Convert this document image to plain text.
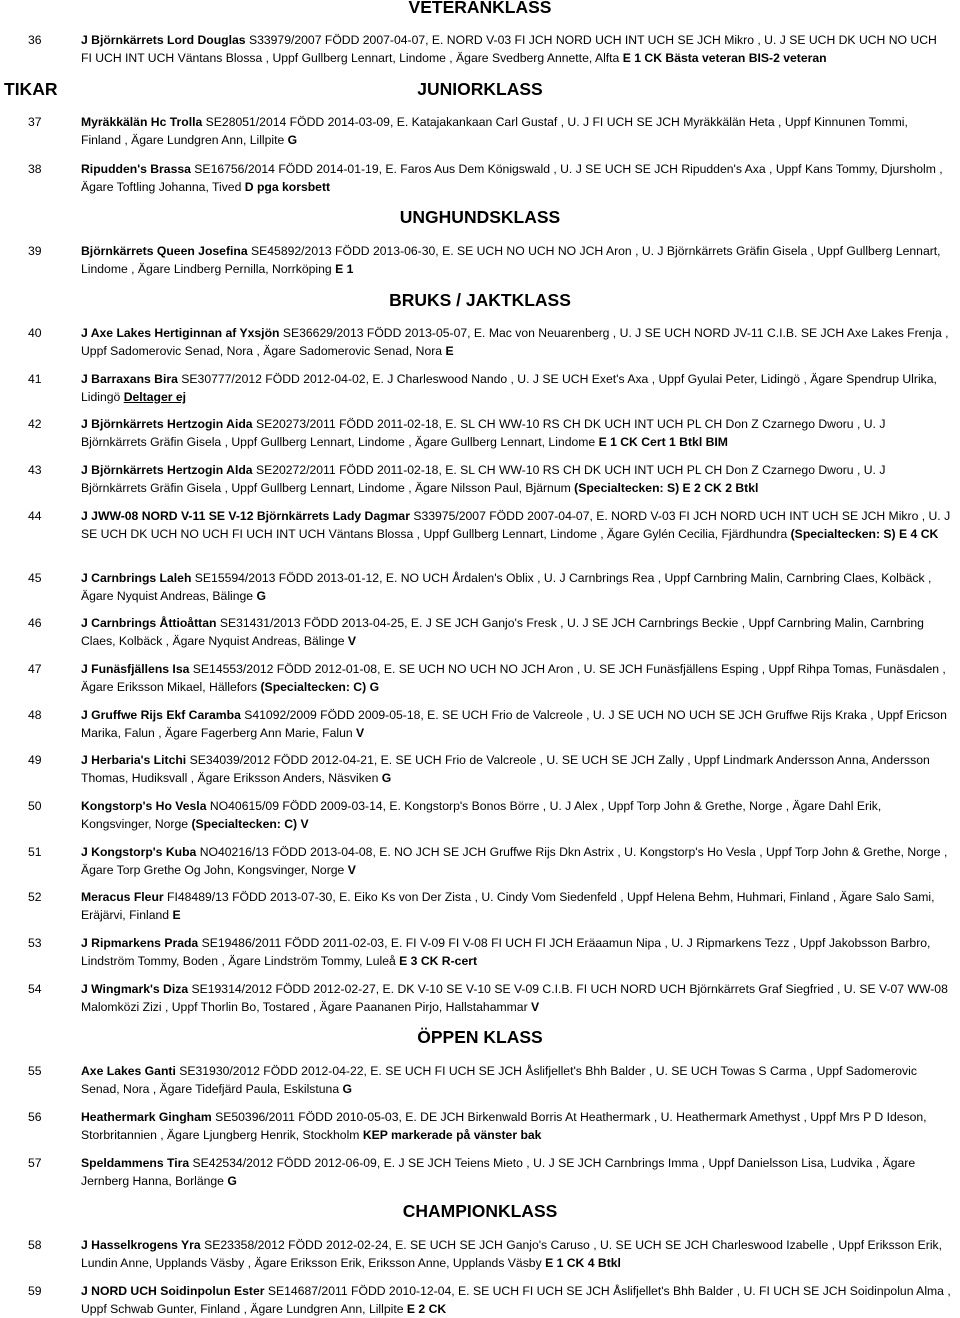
VETERANKLASS
36	J Björnkärrets Lord Douglas S33979/2007 FÖDD 2007-04-07, E. NORD V-03 FI JCH NORD UCH INT UCH SE JCH Mikro , U. J SE UCH DK UCH NO UCH FI UCH INT UCH Väntans Blossa , Uppf Gullberg Lennart, Lindome , Ägare Svedberg Annette, Alfta E 1 CK Bästa veteran BIS-2 veteran
TIKAR	JUNIORKLASS
37	Myräkkälän Hc Trolla SE28051/2014 FÖDD 2014-03-09, E. Katajakankaan Carl Gustaf , U. J FI UCH SE JCH Myräkkälän Heta , Uppf Kinnunen Tommi, Finland , Ägare Lundgren Ann, Lillpite G
38	Ripudden's Brassa SE16756/2014 FÖDD 2014-01-19, E. Faros Aus Dem Königswald , U. J SE UCH SE JCH Ripudden's Axa , Uppf Kans Tommy, Djursholm , Ägare Toftling Johanna, Tived D pga korsbett
UNGHUNDSKLASS
39	Björnkärrets Queen Josefina SE45892/2013 FÖDD 2013-06-30, E. SE UCH NO UCH NO JCH Aron , U. J Björnkärrets Gräfin Gisela , Uppf Gullberg Lennart, Lindome , Ägare Lindberg Pernilla, Norrköping E 1
BRUKS / JAKTKLASS
40	J Axe Lakes Hertiginnan af Yxsjön SE36629/2013 FÖDD 2013-05-07, E. Mac von Neuarenberg , U. J SE UCH NORD JV-11 C.I.B. SE JCH Axe Lakes Frenja , Uppf Sadomerovic Senad, Nora , Ägare Sadomerovic Senad, Nora E
41	J Barraxans Bira SE30777/2012 FÖDD 2012-04-02, E. J Charleswood Nando , U. J SE UCH Exet's Axa , Uppf Gyulai Peter, Lidingö , Ägare Spendrup Ulrika, Lidingö Deltager ej
42	J Björnkärrets Hertzogin Aida SE20273/2011 FÖDD 2011-02-18, E. SL CH WW-10 RS CH DK UCH INT UCH PL CH Don Z Czarnego Dworu , U. J Björnkärrets Gräfin Gisela , Uppf Gullberg Lennart, Lindome , Ägare Gullberg Lennart, Lindome E 1 CK Cert 1 Btkl BIM
43	J Björnkärrets Hertzogin Alda SE20272/2011 FÖDD 2011-02-18, E. SL CH WW-10 RS CH DK UCH INT UCH PL CH Don Z Czarnego Dworu , U. J Björnkärrets Gräfin Gisela , Uppf Gullberg Lennart, Lindome , Ägare Nilsson Paul, Bjärnum (Specialtecken: S) E 2 CK 2 Btkl
44	J JWW-08 NORD V-11 SE V-12 Björnkärrets Lady Dagmar S33975/2007 FÖDD 2007-04-07, E. NORD V-03 FI JCH NORD UCH INT UCH SE JCH Mikro , U. J SE UCH DK UCH NO UCH FI UCH INT UCH Väntans Blossa , Uppf Gullberg Lennart, Lindome , Ägare Gylén Cecilia, Fjärdhundra (Specialtecken: S) E 4 CK
45	J Carnbrings Laleh SE15594/2013 FÖDD 2013-01-12, E. NO UCH Årdalen's Oblix , U. J Carnbrings Rea , Uppf Carnbring Malin, Carnbring Claes, Kolbäck , Ägare Nyquist Andreas, Bälinge G
46	J Carnbrings Åttioåttan SE31431/2013 FÖDD 2013-04-25, E. J SE JCH Ganjo's Fresk , U. J SE JCH Carnbrings Beckie , Uppf Carnbring Malin, Carnbring Claes, Kolbäck , Ägare Nyquist Andreas, Bälinge V
47	J Funäsfjällens Isa SE14553/2012 FÖDD 2012-01-08, E. SE UCH NO UCH NO JCH Aron , U. SE JCH Funäsfjällens Esping , Uppf Rihpa Tomas, Funäsdalen , Ägare Eriksson Mikael, Hällefors (Specialtecken: C) G
48	J Gruffwe Rijs Ekf Caramba S41092/2009 FÖDD 2009-05-18, E. SE UCH Frio de Valcreole , U. J SE UCH NO UCH SE JCH Gruffwe Rijs Kraka , Uppf Ericson Marika, Falun , Ägare Fagerberg Ann Marie, Falun V
49	J Herbaria's Litchi SE34039/2012 FÖDD 2012-04-21, E. SE UCH Frio de Valcreole , U. SE UCH SE JCH Zally , Uppf Lindmark Andersson Anna, Andersson Thomas, Hudiksvall , Ägare Eriksson Anders, Näsviken G
50	Kongstorp's Ho Vesla NO40615/09 FÖDD 2009-03-14, E. Kongstorp's Bonos Börre , U. J Alex , Uppf Torp John & Grethe, Norge , Ägare Dahl Erik, Kongsvinger, Norge (Specialtecken: C) V
51	J Kongstorp's Kuba NO40216/13 FÖDD 2013-04-08, E. NO JCH SE JCH Gruffwe Rijs Dkn Astrix , U. Kongstorp's Ho Vesla , Uppf Torp John & Grethe, Norge , Ägare Torp Grethe Og John, Kongsvinger, Norge V
52	Meracus Fleur FI48489/13 FÖDD 2013-07-30, E. Eiko Ks von Der Zista , U. Cindy Vom Siedenfeld , Uppf Helena Behm, Huhmari, Finland , Ägare Salo Sami, Eräjärvi, Finland E
53	J Ripmarkens Prada SE19486/2011 FÖDD 2011-02-03, E. FI V-09 FI V-08 FI UCH FI JCH Eräaamun Nipa , U. J Ripmarkens Tezz , Uppf Jakobsson Barbro, Lindström Tommy, Boden , Ägare Lindström Tommy, Luleå E 3 CK R-cert
54	J Wingmark's Diza SE19314/2012 FÖDD 2012-02-27, E. DK V-10 SE V-10 SE V-09 C.I.B. FI UCH NORD UCH Björnkärrets Graf Siegfried , U. SE V-07 WW-08 Malomközi Zizi , Uppf Thorlin Bo, Tostared , Ägare Paananen Pirjo, Hallstahammar V
ÖPPEN KLASS
55	Axe Lakes Ganti SE31930/2012 FÖDD 2012-04-22, E. SE UCH FI UCH SE JCH Åslifjellet's Bhh Balder , U. SE UCH Towas S Carma , Uppf Sadomerovic Senad, Nora , Ägare Tidefjärd Paula, Eskilstuna G
56	Heathermark Gingham SE50396/2011 FÖDD 2010-05-03, E. DE JCH Birkenwald Borris At Heathermark , U. Heathermark Amethyst , Uppf Mrs P D Ideson, Storbritannien , Ägare Ljungberg Henrik, Stockholm KEP markerade på vänster bak
57	Speldammens Tira SE42534/2012 FÖDD 2012-06-09, E. J SE JCH Teiens Mieto , U. J SE JCH Carnbrings Imma , Uppf Danielsson Lisa, Ludvika , Ägare Jernberg Hanna, Borlänge G
CHAMPIONKLASS
58	J Hasselkrogens Yra SE23358/2012 FÖDD 2012-02-24, E. SE UCH SE JCH Ganjo's Caruso , U. SE UCH SE JCH Charleswood Izabelle , Uppf Eriksson Erik, Lundin Anne, Upplands Väsby , Ägare Eriksson Erik, Eriksson Anne, Upplands Väsby E 1 CK 4 Btkl
59	J NORD UCH Soidinpolun Ester SE14687/2011 FÖDD 2010-12-04, E. SE UCH FI UCH SE JCH Åslifjellet's Bhh Balder , U. FI UCH SE JCH Soidinpolun Alma , Uppf Schwab Gunter, Finland , Ägare Lundgren Ann, Lillpite E 2 CK
